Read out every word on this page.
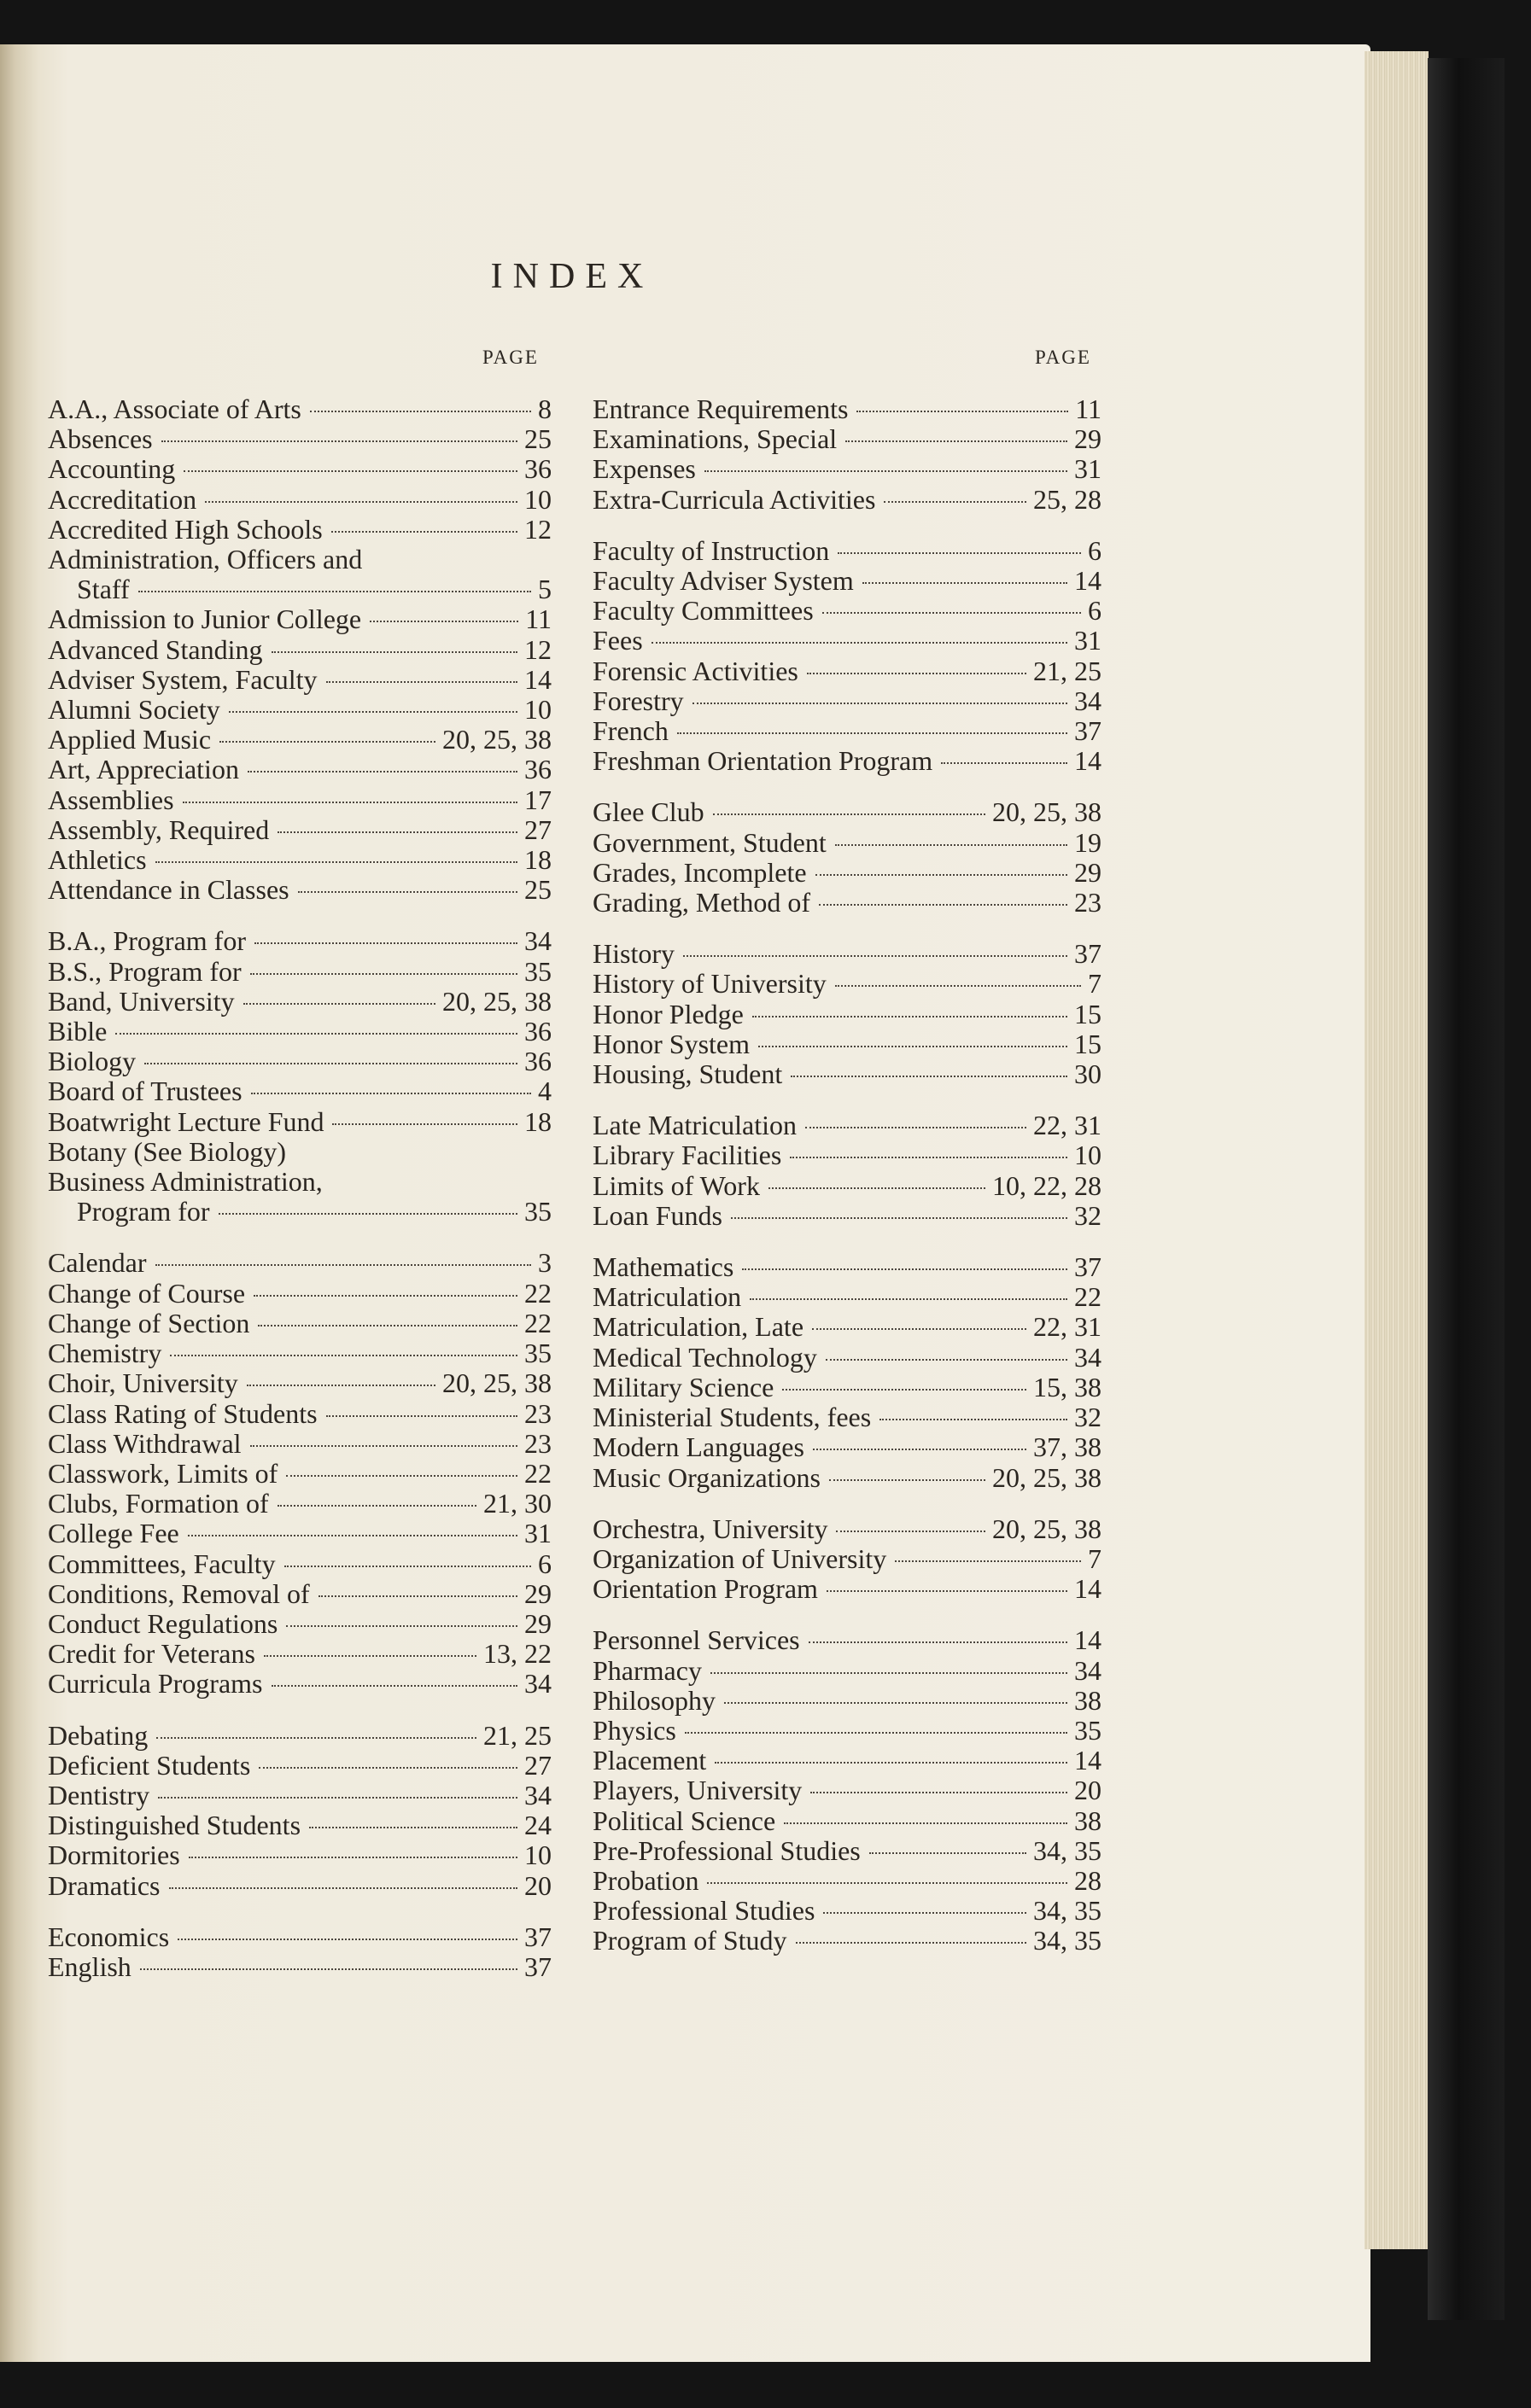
INDEX
PAGE	PAGE
A.A., Associate of Arts	8
Absences	25
Accounting	36
Accreditation	10
Accredited High Schools	12
Administration, Officers and
Staff	5
Admission to Junior College	11
Advanced Standing	12
Adviser System, Faculty	14
Alumni Society	10
Applied Music	20, 25, 38
Art, Appreciation	36
Assemblies	17
Assembly, Required	27
Athletics	18
Attendance in Classes	25
B.A., Program for	34
B.S., Program for	35
Band, University	20, 25, 38
Bible	36
Biology	36
Board of Trustees	4
Boatwright Lecture Fund	18
Botany (See Biology)
Business Administration,
Program for	35
Calendar	3
Change of Course	22
Change of Section	22
Chemistry	35
Choir, University	20, 25, 38
Class Rating of Students	23
Class Withdrawal	23
Classwork, Limits of	22
Clubs, Formation of	21, 30
College Fee	31
Committees, Faculty	6
Conditions, Removal of	29
Conduct Regulations	29
Credit for Veterans	13, 22
Curricula Programs	34
Debating	21, 25
Deficient Students	27
Dentistry	34
Distinguished Students	24
Dormitories	10
Dramatics	20
Economics	37
English	37
Entrance Requirements	11
Examinations, Special	29
Expenses	31
Extra-Curricula Activities	25, 28
Faculty of Instruction	6
Faculty Adviser System	14
Faculty Committees	6
Fees	31
Forensic Activities	21, 25
Forestry	34
French	37
Freshman Orientation Program	14
Glee Club	20, 25, 38
Government, Student	19
Grades, Incomplete	29
Grading, Method of	23
History	37
History of University	7
Honor Pledge	15
Honor System	15
Housing, Student	30
Late Matriculation	22, 31
Library Facilities	10
Limits of Work	10, 22, 28
Loan Funds	32
Mathematics	37
Matriculation	22
Matriculation, Late	22, 31
Medical Technology	34
Military Science	15, 38
Ministerial Students, fees	32
Modern Languages	37, 38
Music Organizations	20, 25, 38
Orchestra, University	20, 25, 38
Organization of University	7
Orientation Program	14
Personnel Services	14
Pharmacy	34
Philosophy	38
Physics	35
Placement	14
Players, University	20
Political Science	38
Pre-Professional Studies	34, 35
Probation	28
Professional Studies	34, 35
Program of Study	34, 35
